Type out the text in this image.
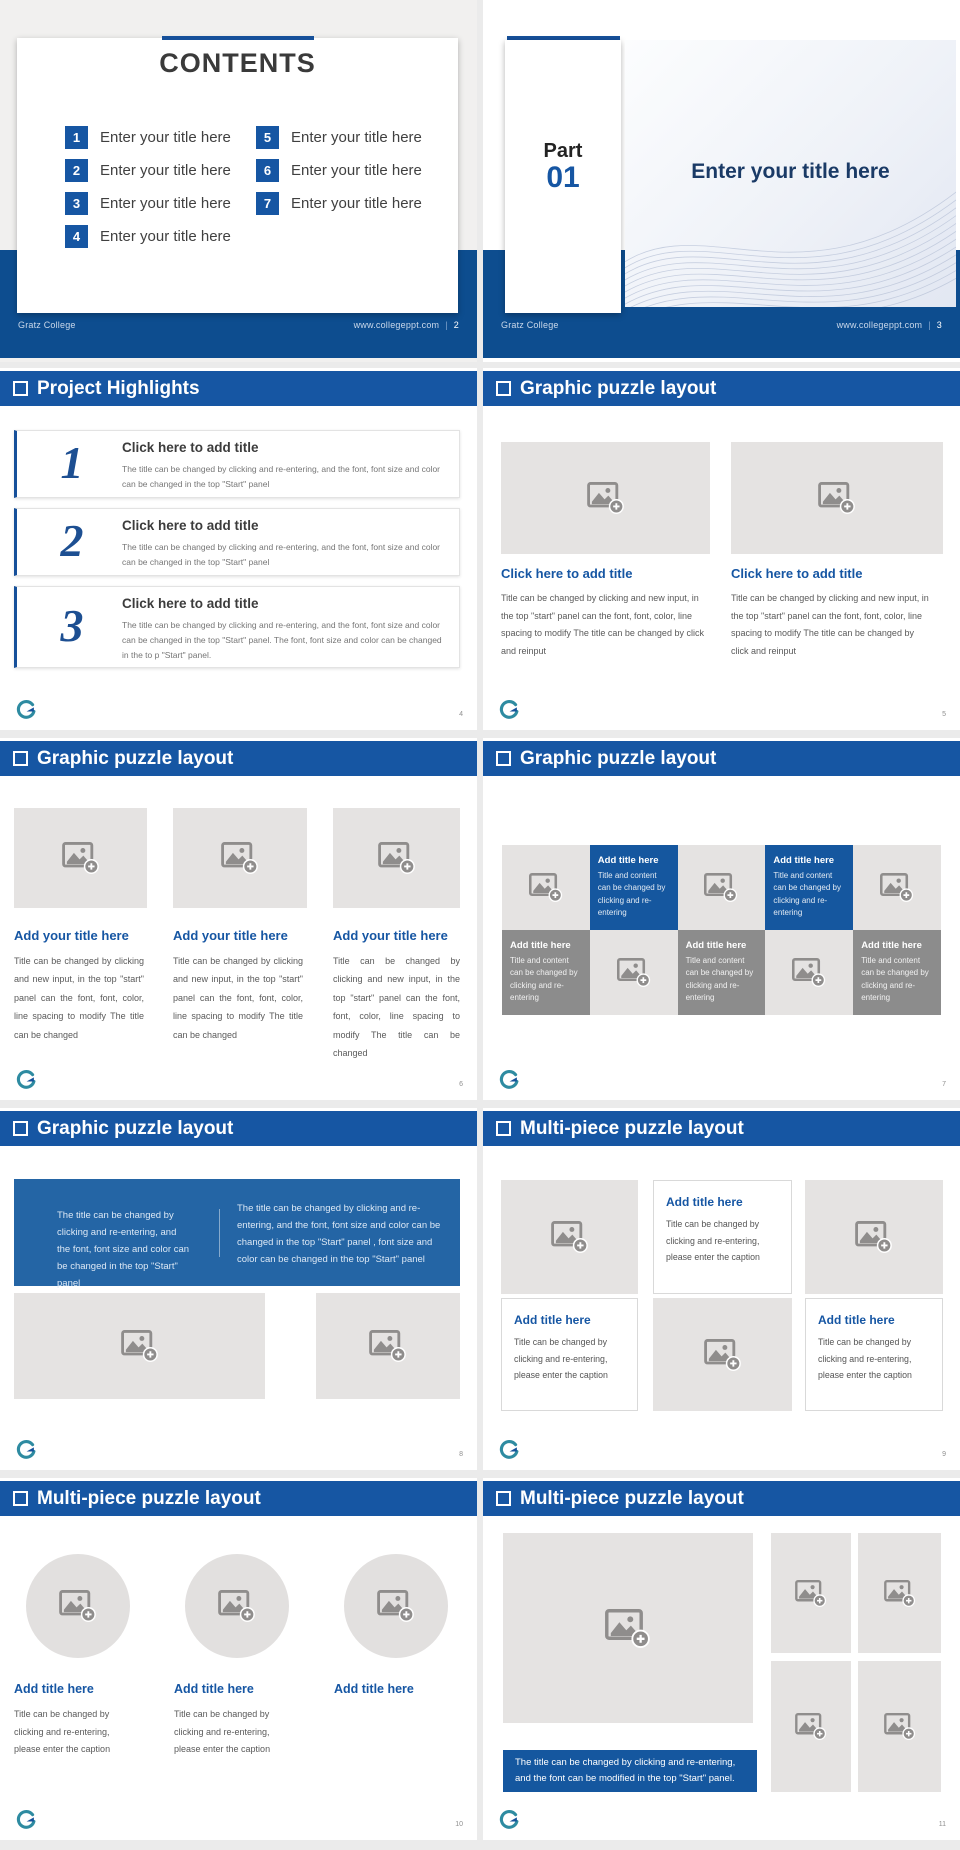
CONTENTS
1	Enter your title here
2	Enter your title here
3	Enter your title here
4	Enter your title here
5	Enter your title here
6	Enter your title here
7	Enter your title here
Gratz College	www.collegeppt.com | 2
Part
01	Enter your title here
Gratz College	www.collegeppt.com | 3
Project Highlights
1	Click here to add title
The title can be changed by clicking and re-entering, and the font, font size and color can be changed in the top "Start" panel
2	Click here to add title
The title can be changed by clicking and re-entering, and the font, font size and color can be changed in the top "Start" panel
3	Click here to add title
The title can be changed by clicking and re-entering, and the font, font size and color can be changed in the top "Start" panel. The font, font size and color can be changed in the to p "Start" panel.
4
Graphic puzzle layout
Click here to add title
Title can be changed by clicking and new input, in the top "start" panel can the font, font, color, line spacing to modify The title can be changed by click and reinput
Click here to add title
Title can be changed by clicking and new input, in the top "start" panel can the font, font, color, line spacing to modify The title can be changed by click and reinput
5
Graphic puzzle layout
Add your title here
Title can be changed by clicking and new input, in the top "start" panel can the font, font, color, line spacing to modify The title can be changed
Add your title here
Title can be changed by clicking and new input, in the top "start" panel can the font, font, color, line spacing to modify The title can be changed
Add your title here
Title can be changed by clicking and new input, in the top "start" panel can the font, font, color, line spacing to modify The title can be changed
6
Graphic puzzle layout
Add title here
Title and content can be changed by clicking and re-entering
Add title here
Title and content can be changed by clicking and re-entering
Add title here
Title and content can be changed by clicking and re-entering
Add title here
Title and content can be changed by clicking and re-entering
Add title here
Title and content can be changed by clicking and re-entering
7
Graphic puzzle layout
The title can be changed by clicking and re-entering, and the font, font size and color can be changed in the top "Start" panel
The title can be changed by clicking and re-entering, and the font, font size and color can be changed in the top "Start" panel , font size and color can be changed in the top "Start" panel
8
Multi-piece puzzle layout
Add title here
Title can be changed by clicking and re-entering, please enter the caption
Add title here
Title can be changed by clicking and re-entering, please enter the caption
Add title here
Title can be changed by clicking and re-entering, please enter the caption
9
Multi-piece puzzle layout
Add title here
Title can be changed by clicking and re-entering, please enter the caption
Add title here
Title can be changed by clicking and re-entering, please enter the caption
Add title here
10
Multi-piece puzzle layout
The title can be changed by clicking and re-entering, and the font can be modified in the top "Start" panel.
11
